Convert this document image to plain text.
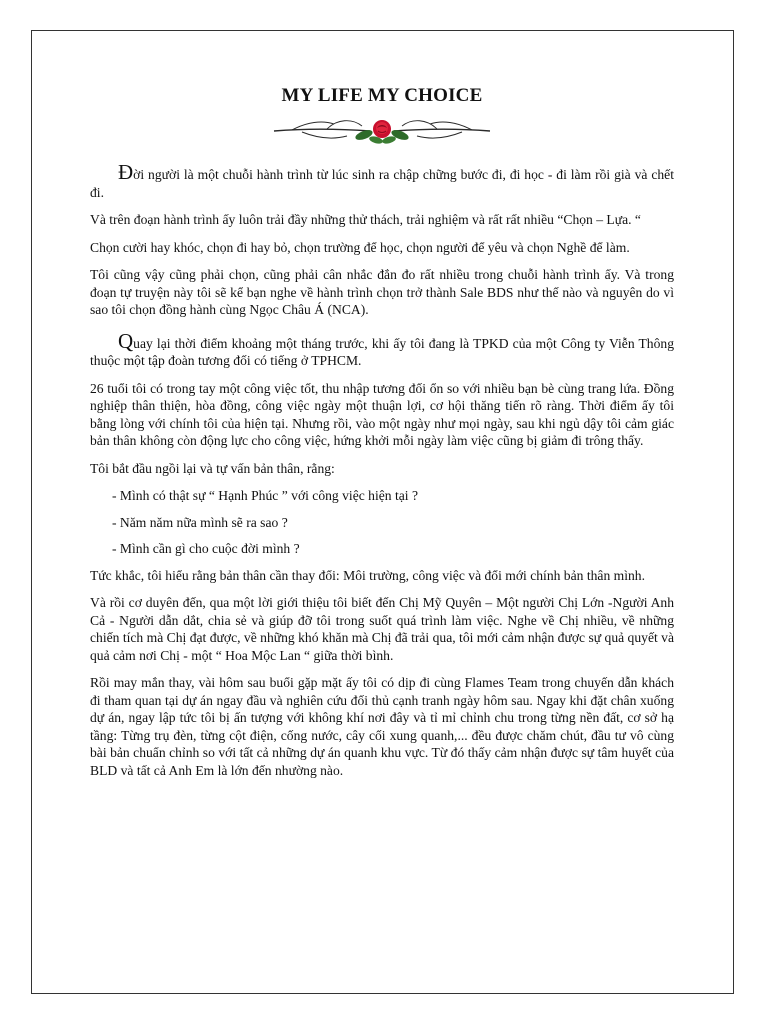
MY LIFE MY CHOICE

Đời người là một chuỗi hành trình từ lúc sinh ra chập chững bước đi, đi học - đi làm rồi già và chết đi.

Và trên đoạn hành trình ấy luôn trải đầy những thử thách, trải nghiệm và rất rất nhiều “Chọn – Lựa. “

Chọn cười hay khóc, chọn đi hay bỏ, chọn trường để học, chọn người để yêu và chọn Nghề để làm.

Tôi cũng vậy cũng phải chọn, cũng phải cân nhắc đắn đo rất nhiều trong chuỗi hành trình ấy. Và trong đoạn tự truyện này tôi sẽ kể bạn nghe về hành trình chọn trở thành Sale BDS như thế nào và nguyên do vì sao tôi chọn đồng hành cùng Ngọc Châu Á (NCA).

Quay lại thời điểm khoảng một tháng trước, khi ấy tôi đang là TPKD của một Công ty Viễn Thông thuộc một tập đoàn tương đối có tiếng ở TPHCM.

26 tuổi tôi có trong tay một công việc tốt, thu nhập tương đối ổn so với nhiều bạn bè cùng trang lứa. Đồng nghiệp thân thiện, hòa đồng, công việc ngày một thuận lợi, cơ hội thăng tiến rõ ràng. Thời điểm ấy tôi bằng lòng với chính tôi của hiện tại. Nhưng rồi, vào một ngày như mọi ngày, sau khi ngủ dậy tôi cảm giác bản thân không còn động lực cho công việc, hứng khởi mỗi ngày làm việc cũng bị giảm đi trông thấy.

Tôi bắt đầu ngồi lại và tự vấn bản thân, rằng:

- Mình có thật sự “ Hạnh Phúc ” với công việc hiện tại ?

- Năm năm nữa mình sẽ ra sao ?

- Mình cần gì cho cuộc đời mình ?

Tức khắc, tôi hiểu rằng bản thân cần thay đổi: Môi trường, công việc và đổi mới chính bản thân mình.

Và rồi cơ duyên đến, qua một lời giới thiệu tôi biết đến Chị Mỹ Quyên – Một người Chị Lớn -Người Anh Cả - Người dẫn dắt, chia sẻ và giúp đỡ tôi trong suốt quá trình làm việc. Nghe về Chị nhiều, về những chiến tích mà Chị đạt được, về những khó khăn mà Chị đã trải qua, tôi mới cảm nhận được sự quả quyết và quả cảm nơi Chị - một “ Hoa Mộc Lan “ giữa thời bình.

Rồi may mắn thay, vài hôm sau buổi gặp mặt ấy tôi có dịp đi cùng Flames Team trong chuyến dẫn khách đi tham quan tại dự án ngay đầu và nghiên cứu đối thủ cạnh tranh ngày hôm sau. Ngay khi đặt chân xuống dự án, ngay lập tức tôi bị ấn tượng với không khí nơi đây và tỉ mỉ chỉnh chu trong từng nền đất, cơ sở hạ tầng: Từng trụ đèn, từng cột điện, cống nước, cây cối xung quanh,... đều được chăm chút, đầu tư vô cùng bài bản chuẩn chỉnh so với tất cả những dự án quanh khu vực. Từ đó thấy cảm nhận được sự tâm huyết của BLD và tất cả Anh Em là lớn đến nhường nào.
